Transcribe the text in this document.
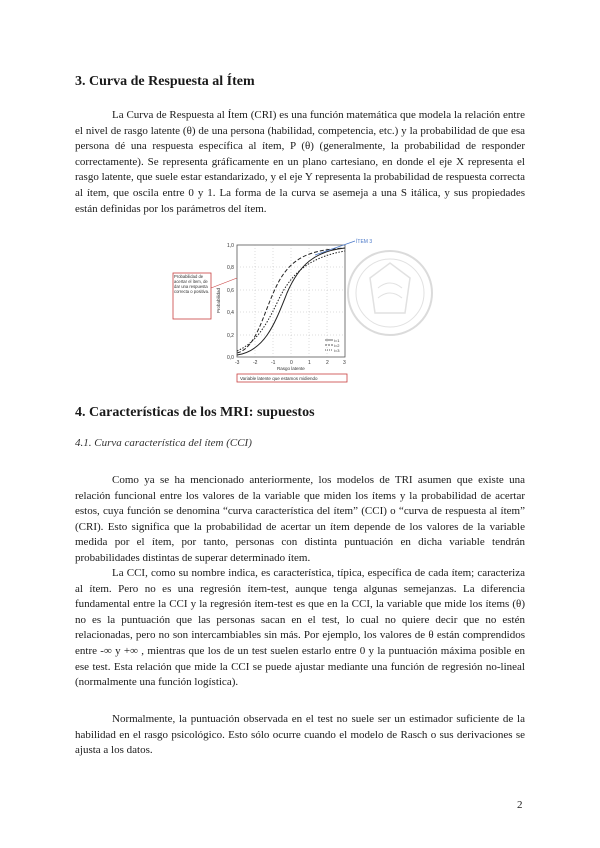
3. Curva de Respuesta al Ítem

La Curva de Respuesta al Ítem (CRI) es una función matemática que modela la relación entre el nivel de rasgo latente (θ) de una persona (habilidad, competencia, etc.) y la probabilidad de que esa persona dé una respuesta específica al ítem, P (θ) (generalmente, la probabilidad de responder correctamente). Se representa gráficamente en un plano cartesiano, en donde el eje X representa el rasgo latente, que suele estar estandarizado, y el eje Y representa la probabilidad de respuesta correcta al ítem, que oscila entre 0 y 1. La forma de la curva se asemeja a una S itálica, y sus propiedades están definidas por los parámetros del ítem.

1,0
0,8
0,6
0,4
0,2
0,0
-3	-2	-1	0	1	2	3
Probabilidad
Rasgo latente
i=1
i=2
i=3
ÍTEM 3
Probabilidad de acertar el ítem, de dar una respuesta correcta o positiva.
Variable latente que estamos midiendo
4. Características de los MRI: supuestos
4.1. Curva característica del ítem (CCI)

Como ya se ha mencionado anteriormente, los modelos de TRI asumen que existe una relación funcional entre los valores de la variable que miden los ítems y la probabilidad de acertar estos, cuya función se denomina “curva característica del ítem” (CCI) o “curva de respuesta al ítem” (CRI). Esto significa que la probabilidad de acertar un ítem depende de los valores de la variable medida por el ítem, por tanto, personas con distinta puntuación en dicha variable tendrán probabilidades distintas de superar determinado ítem.

La CCI, como su nombre indica, es característica, típica, específica de cada ítem; caracteriza al ítem. Pero no es una regresión ítem-test, aunque tenga algunas semejanzas. La diferencia fundamental entre la CCI y la regresión ítem-test es que en la CCI, la variable que mide los ítems (θ) no es la puntuación que las personas sacan en el test, lo cual no quiere decir que no estén relacionadas, pero no son intercambiables sin más. Por ejemplo, los valores de θ están comprendidos entre -∞ y +∞ , mientras que los de un test suelen estarlo entre 0 y la puntuación máxima posible en ese test. Esta relación que mide la CCI se puede ajustar mediante una función de regresión no-lineal (normalmente una función logística).

Normalmente, la puntuación observada en el test no suele ser un estimador suficiente de la habilidad en el rasgo psicológico. Esto sólo ocurre cuando el modelo de Rasch o sus derivaciones se ajusta a los datos.

2
